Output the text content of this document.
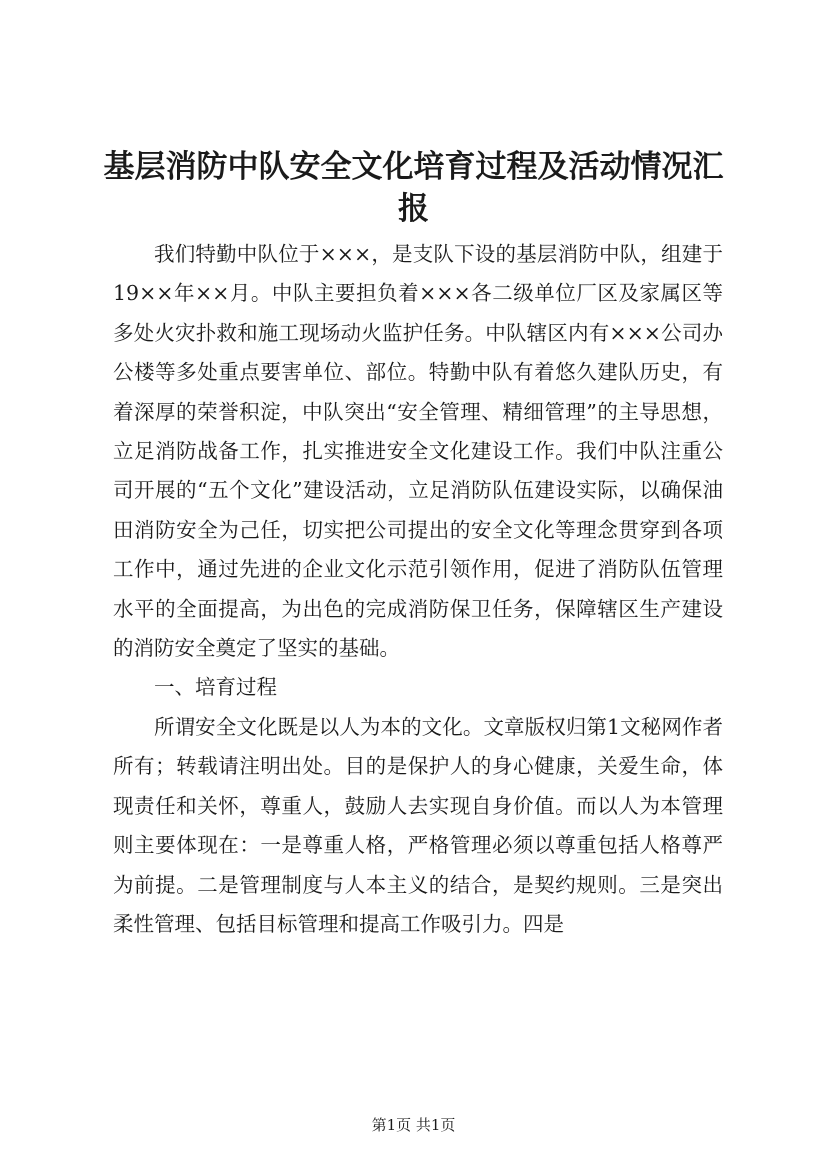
基层消防中队安全文化培育过程及活动情况汇报

我们特勤中队位于×××，是支队下设的基层消防中队，组建于19××年××月。中队主要担负着×××各二级单位厂区及家属区等多处火灾扑救和施工现场动火监护任务。中队辖区内有×××公司办公楼等多处重点要害单位、部位。特勤中队有着悠久建队历史，有着深厚的荣誉积淀，中队突出“安全管理、精细管理”的主导思想，立足消防战备工作，扎实推进安全文化建设工作。我们中队注重公司开展的“五个文化”建设活动，立足消防队伍建设实际，以确保油田消防安全为己任，切实把公司提出的安全文化等理念贯穿到各项工作中，通过先进的企业文化示范引领作用，促进了消防队伍管理水平的全面提高，为出色的完成消防保卫任务，保障辖区生产建设的消防安全奠定了坚实的基础。

一、培育过程

所谓安全文化既是以人为本的文化。文章版权归第1文秘网作者所有；转载请注明出处。目的是保护人的身心健康，关爱生命，体现责任和关怀，尊重人，鼓励人去实现自身价值。而以人为本管理则主要体现在：一是尊重人格，严格管理必须以尊重包括人格尊严为前提。二是管理制度与人本主义的结合，是契约规则。三是突出柔性管理、包括目标管理和提高工作吸引力。四是

第1页 共1页
